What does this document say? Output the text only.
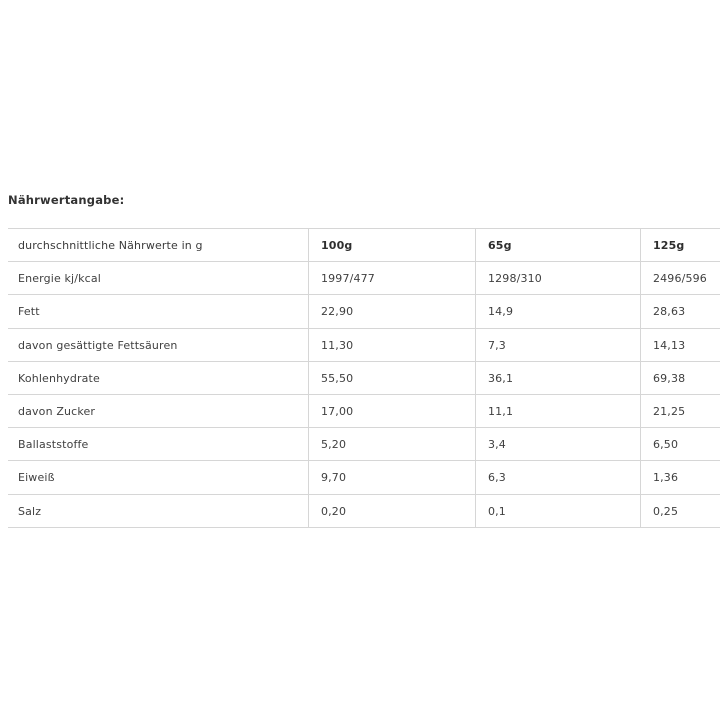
Nährwertangabe:
durchschnittliche Nährwerte in g	100g	65g	125g
Energie kj/kcal	1997/477	1298/310	2496/596
Fett	22,90	14,9	28,63
davon gesättigte Fettsäuren	11,30	7,3	14,13
Kohlenhydrate	55,50	36,1	69,38
davon Zucker	17,00	11,1	21,25
Ballaststoffe	5,20	3,4	6,50
Eiweiß	9,70	6,3	1,36
Salz	0,20	0,1	0,25
